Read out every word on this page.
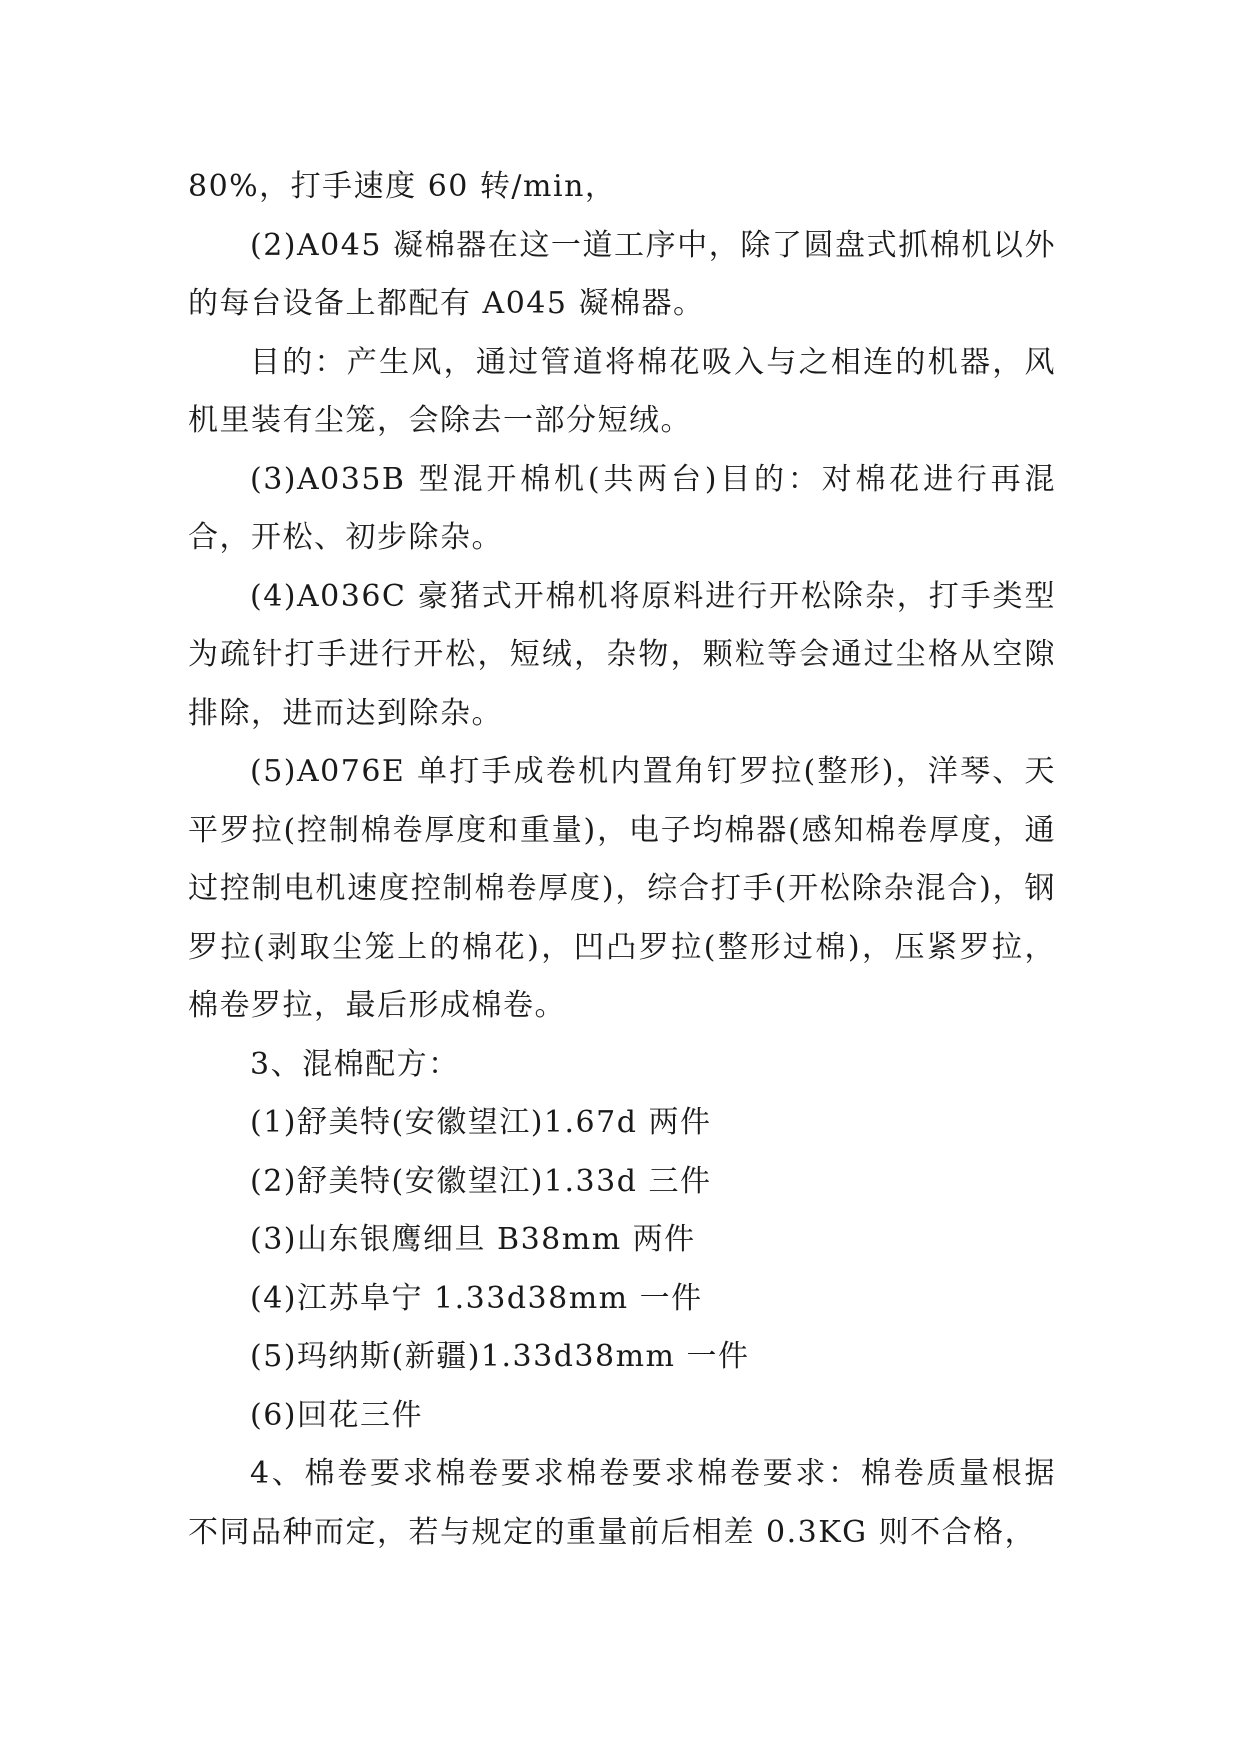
80%，打手速度 60 转/min，

(2)A045 凝棉器在这一道工序中，除了圆盘式抓棉机以外的每台设备上都配有 A045 凝棉器。

目的：产生风，通过管道将棉花吸入与之相连的机器，风机里装有尘笼，会除去一部分短绒。

(3)A035B 型混开棉机(共两台)目的：对棉花进行再混合，开松、初步除杂。

(4)A036C 豪猪式开棉机将原料进行开松除杂，打手类型为疏针打手进行开松，短绒，杂物，颗粒等会通过尘格从空隙排除，进而达到除杂。

(5)A076E 单打手成卷机内置角钉罗拉(整形)，洋琴、天平罗拉(控制棉卷厚度和重量)，电子均棉器(感知棉卷厚度，通过控制电机速度控制棉卷厚度)，综合打手(开松除杂混合)，钢罗拉(剥取尘笼上的棉花)，凹凸罗拉(整形过棉)，压紧罗拉，棉卷罗拉，最后形成棉卷。

3、混棉配方：

(1)舒美特(安徽望江)1.67d 两件

(2)舒美特(安徽望江)1.33d 三件

(3)山东银鹰细旦 B38mm 两件

(4)江苏阜宁 1.33d38mm 一件

(5)玛纳斯(新疆)1.33d38mm 一件

(6)回花三件

4、棉卷要求棉卷要求棉卷要求棉卷要求：棉卷质量根据不同品种而定，若与规定的重量前后相差 0.3KG 则不合格，
